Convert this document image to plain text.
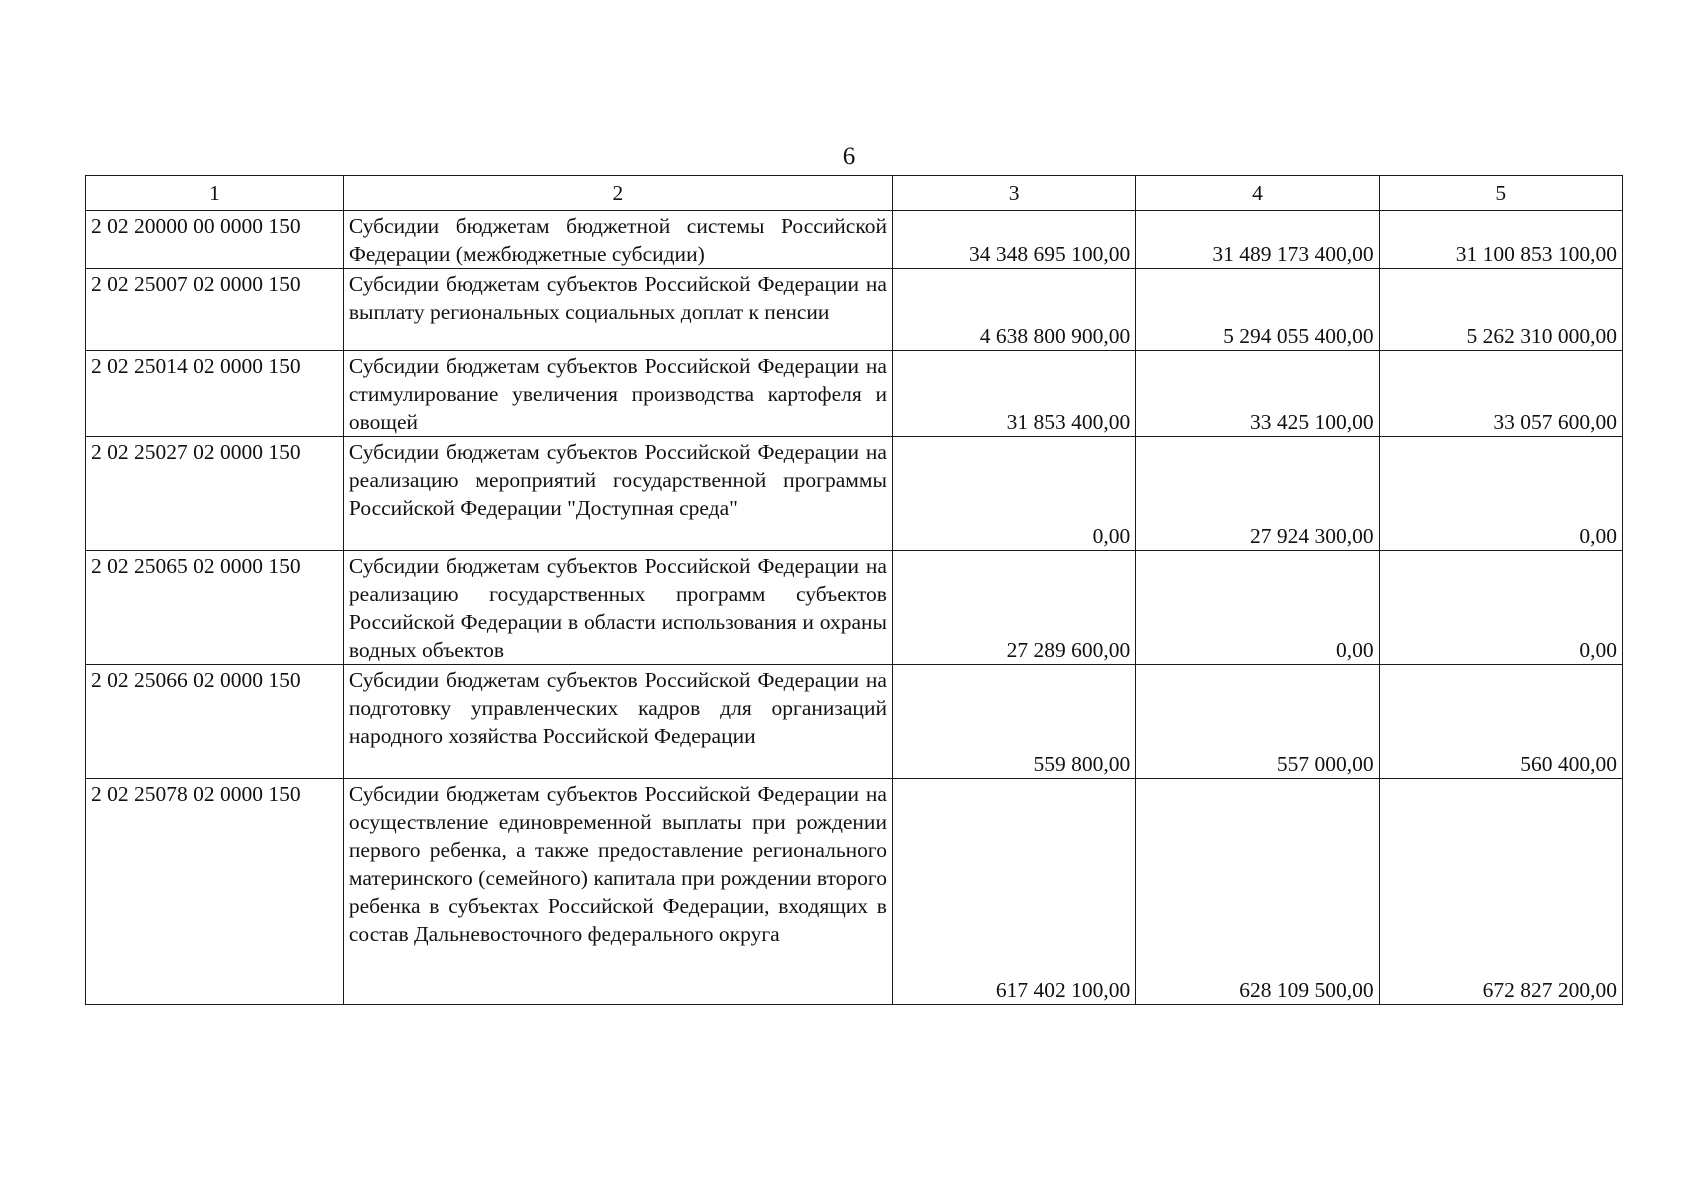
6
1	2	3	4	5
2 02 20000 00 0000 150	Субсидии бюджетам бюджетной системы Российской Федерации (межбюджетные субсидии)	34 348 695 100,00	31 489 173 400,00	31 100 853 100,00
2 02 25007 02 0000 150	Субсидии бюджетам субъектов Российской Федерации на выплату региональных социальных доплат к пенсии	4 638 800 900,00	5 294 055 400,00	5 262 310 000,00
2 02 25014 02 0000 150	Субсидии бюджетам субъектов Российской Федерации на стимулирование увеличения производства картофеля и овощей	31 853 400,00	33 425 100,00	33 057 600,00
2 02 25027 02 0000 150	Субсидии бюджетам субъектов Российской Федерации на реализацию мероприятий государственной программы Российской Федерации "Доступная среда"	0,00	27 924 300,00	0,00
2 02 25065 02 0000 150	Субсидии бюджетам субъектов Российской Федерации на реализацию государственных программ субъектов Российской Федерации в области использования и охраны водных объектов	27 289 600,00	0,00	0,00
2 02 25066 02 0000 150	Субсидии бюджетам субъектов Российской Федерации на подготовку управленческих кадров для организаций народного хозяйства Российской Федерации	559 800,00	557 000,00	560 400,00
2 02 25078 02 0000 150	Субсидии бюджетам субъектов Российской Федерации на осуществление единовременной выплаты при рождении первого ребенка, а также предоставление регионального материнского (семейного) капитала при рождении второго ребенка в субъектах Российской Федерации, входящих в состав Дальневосточного федерального округа	617 402 100,00	628 109 500,00	672 827 200,00
